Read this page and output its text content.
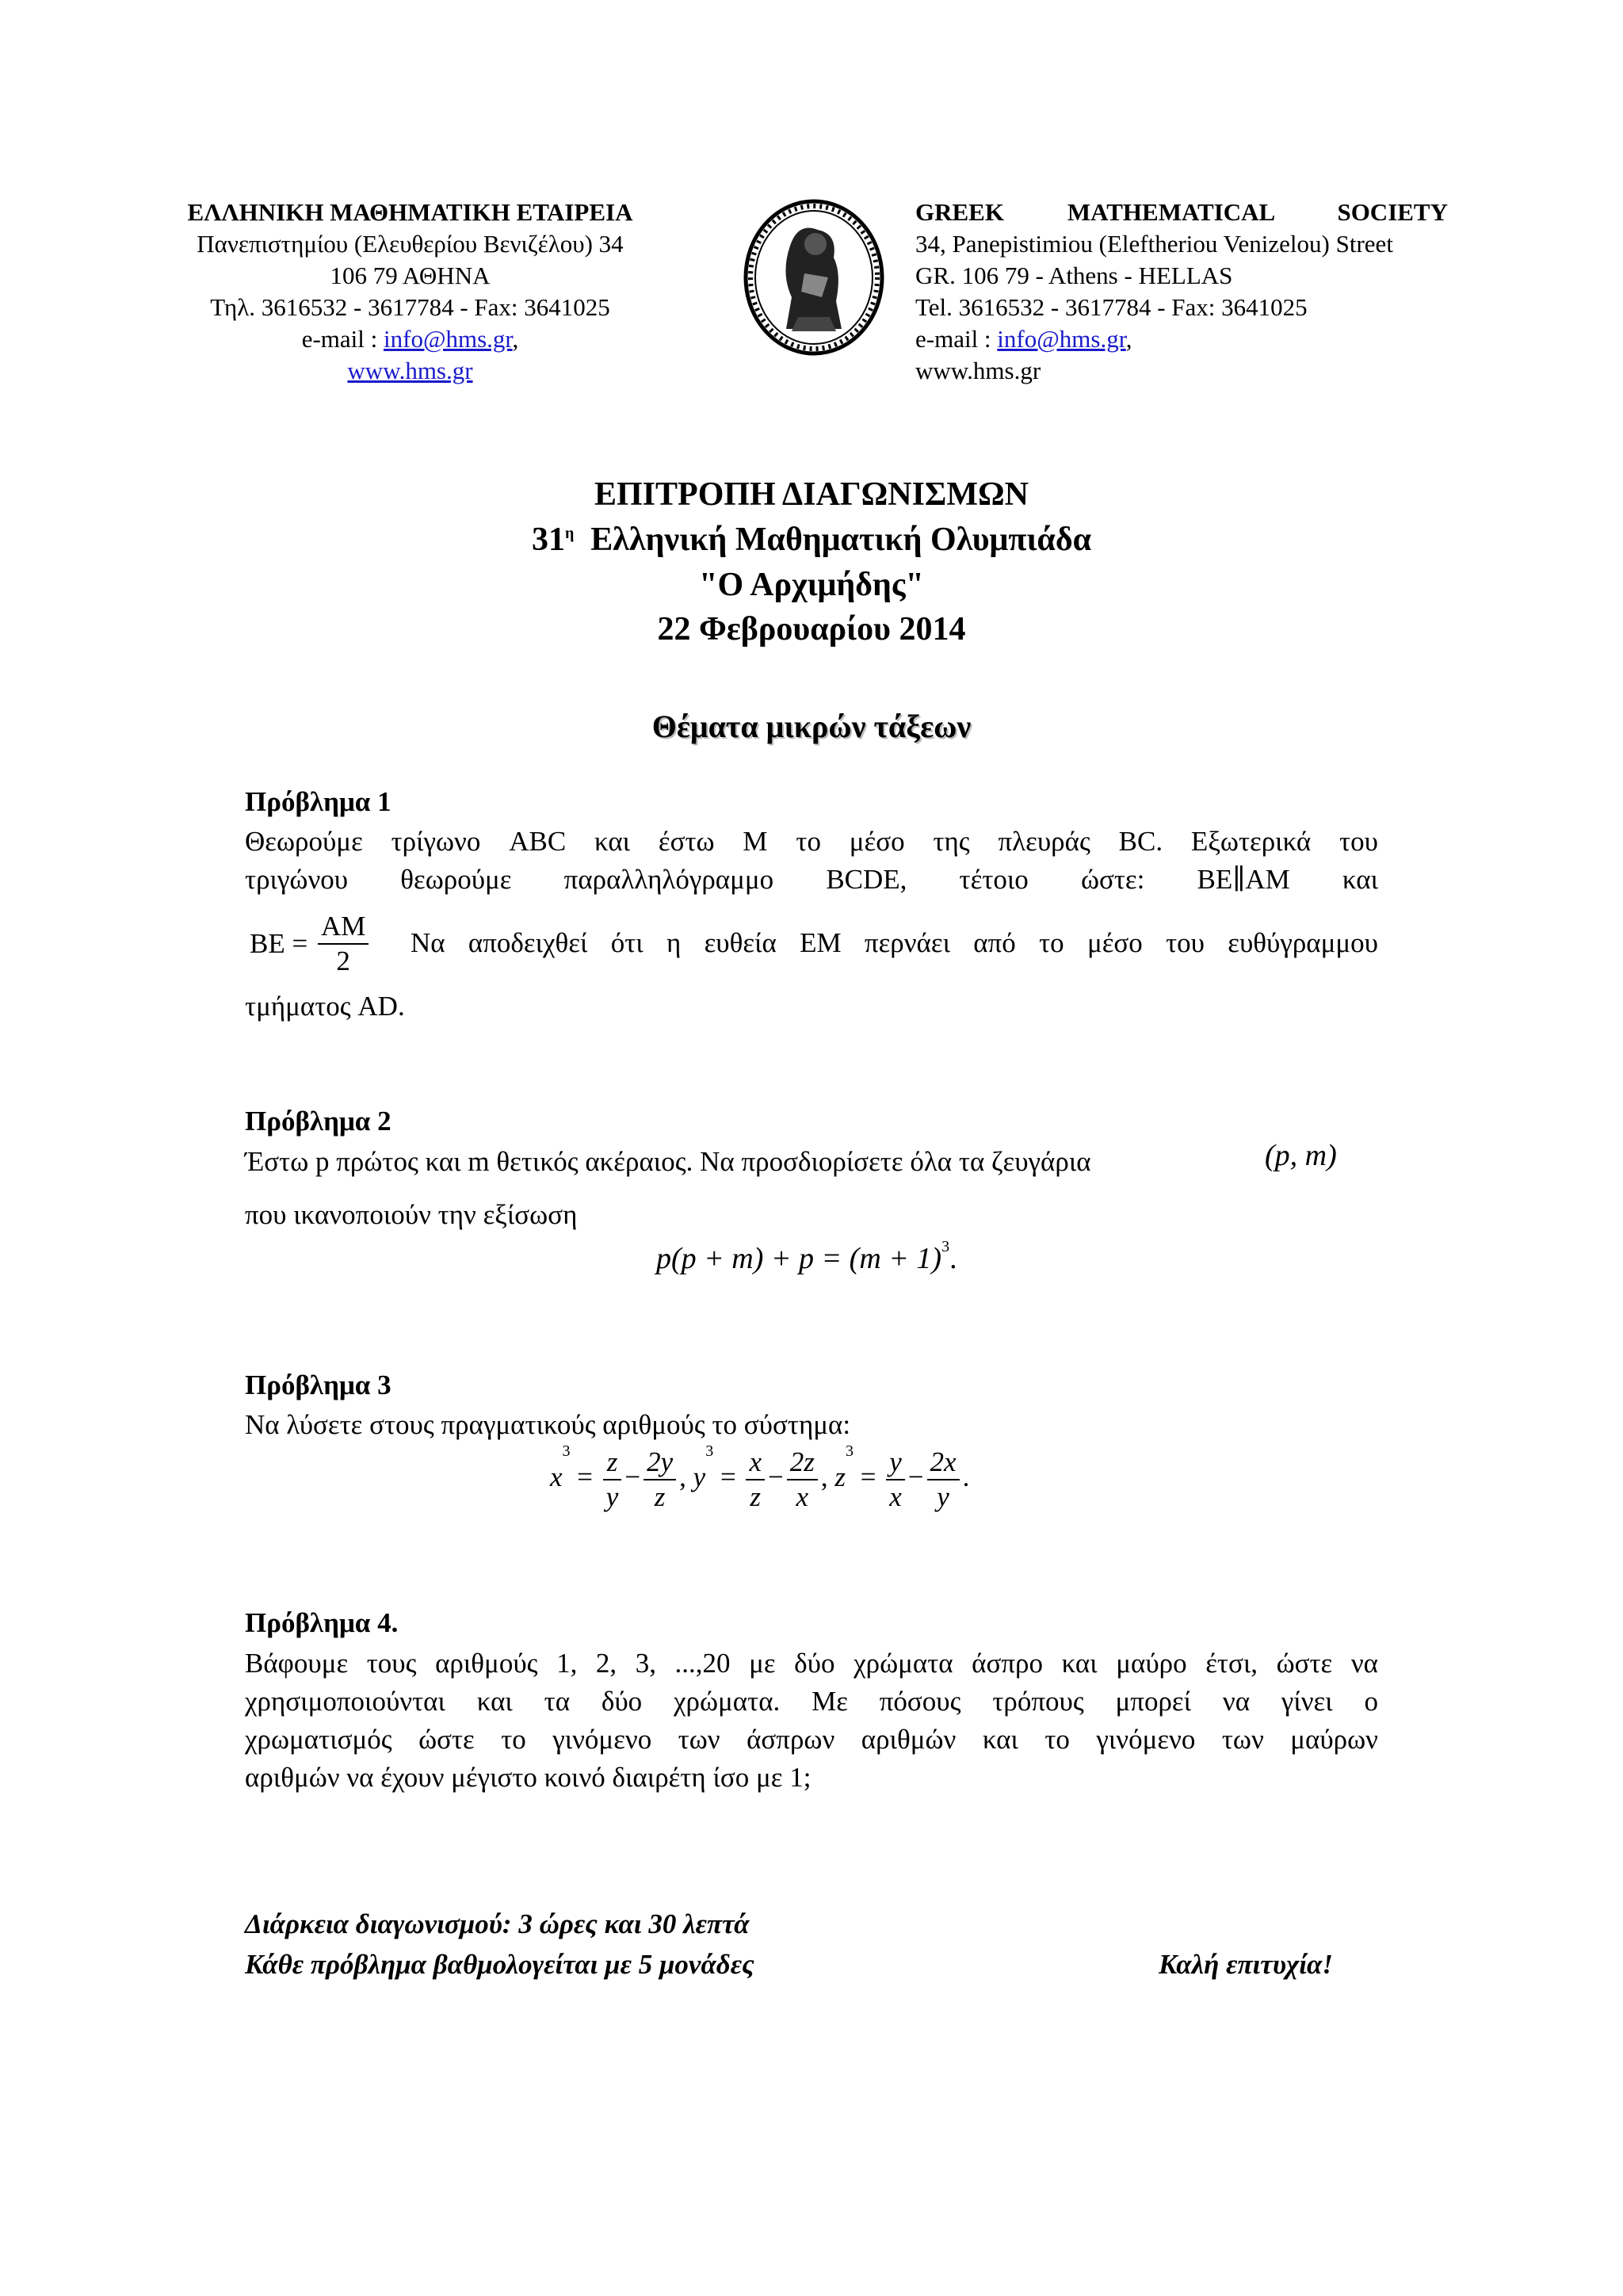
ΕΛΛΗΝΙΚΗ ΜΑΘΗΜΑΤΙΚΗ ΕΤΑΙΡΕΙΑ
Πανεπιστημίου (Ελευθερίου Βενιζέλου) 34
106 79 ΑΘΗΝΑ
Τηλ. 3616532 - 3617784 - Fax: 3641025
e-mail : info@hms.gr,
www.hms.gr
GREEK MATHEMATICAL SOCIETY
34, Panepistimiou (Eleftheriou Venizelou) Street
GR. 106 79 - Athens - HELLAS
Tel. 3616532 - 3617784 - Fax: 3641025
e-mail : info@hms.gr,
www.hms.gr
ΕΠΙΤΡΟΠΗ ΔΙΑΓΩΝΙΣΜΩΝ
$31^\eta$ Ελληνική Μαθηματική Ολυμπιάδα
"Ο Αρχιμήδης"
22 Φεβρουαρίου 2014
Θέματα μικρών τάξεων
Πρόβλημα 1
Θεωρούμε τρίγωνο ABC και έστω M το μέσο της πλευράς BC. Εξωτερικά του
τριγώνου θεωρούμε παραλληλόγραμμο BCDE, τέτοιο ώστε: BE∥AM και
BE = $\frac{AM}{2}$ Να αποδειχθεί ότι η ευθεία EM περνάει από το μέσο του ευθύγραμμου
τμήματος AD.
Πρόβλημα 2
Έστω p πρώτος και m θετικός ακέραιος. Να προσδιορίσετε όλα τα ζευγάρια	(p, m)
που ικανοποιούν την εξίσωση
$p(p + m) + p = (m + 1)^3$.
Πρόβλημα 3
Να λύσετε στους πραγματικούς αριθμούς το σύστημα:
$x^3 = \frac{z}{y} - \frac{2y}{z}$ , $y^3 = \frac{x}{z} - \frac{2z}{x}$ , $z^3 = \frac{y}{x} - \frac{2x}{y}$ .
Πρόβλημα 4.
Βάφουμε τους αριθμούς 1, 2, 3, ...,20 με δύο χρώματα άσπρο και μαύρο έτσι, ώστε να
χρησιμοποιούνται και τα δύο χρώματα. Με πόσους τρόπους μπορεί να γίνει ο
χρωματισμός ώστε το γινόμενο των άσπρων αριθμών και το γινόμενο των μαύρων
αριθμών να έχουν μέγιστο κοινό διαιρέτη ίσο με 1;
Διάρκεια διαγωνισμού: 3 ώρες και 30 λεπτά
Κάθε πρόβλημα βαθμολογείται με 5 μονάδες	Καλή επιτυχία!
